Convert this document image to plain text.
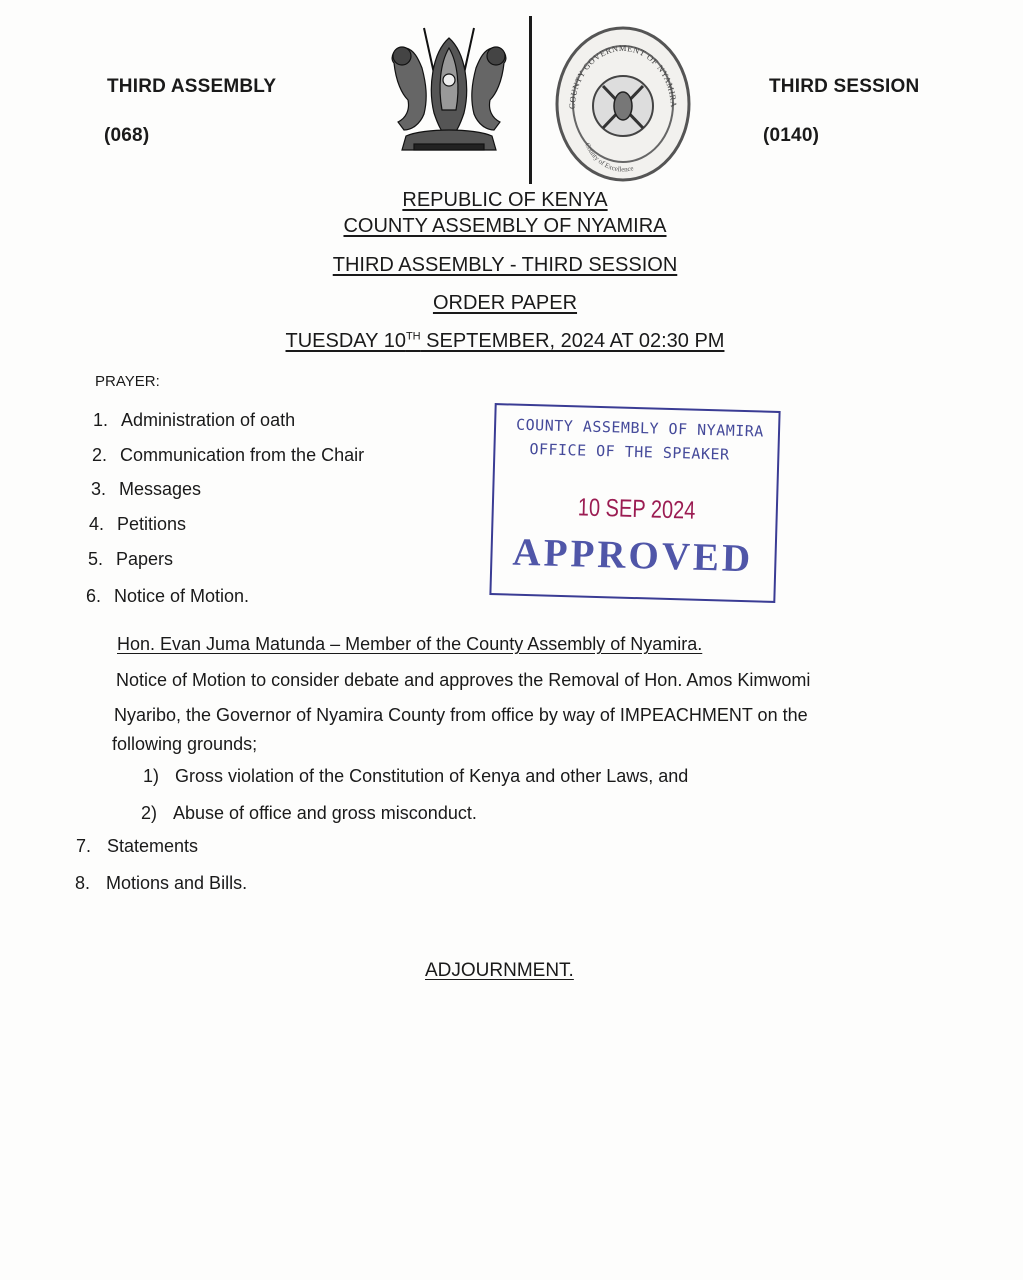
THIRD ASSEMBLY
(068)
THIRD SESSION
(0140)
COUNTY GOVERNMENT OF NYAMIRA
County of Excellence
REPUBLIC OF KENYA
COUNTY ASSEMBLY OF NYAMIRA
THIRD ASSEMBLY - THIRD SESSION
ORDER PAPER
TUESDAY 10TH SEPTEMBER, 2024 AT 02:30 PM
PRAYER:
1. Administration of oath
2. Communication from the Chair
3. Messages
4. Petitions
5. Papers
6. Notice of Motion.
Hon. Evan Juma Matunda – Member of the County Assembly of Nyamira.
Notice of Motion to consider debate and approves the Removal of Hon. Amos Kimwomi
Nyaribo, the Governor of Nyamira County from office by way of IMPEACHMENT on the
following grounds;
1) Gross violation of the Constitution of Kenya and other Laws, and
2) Abuse of office and gross misconduct.
7. Statements
8. Motions and Bills.
ADJOURNMENT.
COUNTY ASSEMBLY OF NYAMIRA
OFFICE OF THE SPEAKER
10 SEP 2024
APPROVED
